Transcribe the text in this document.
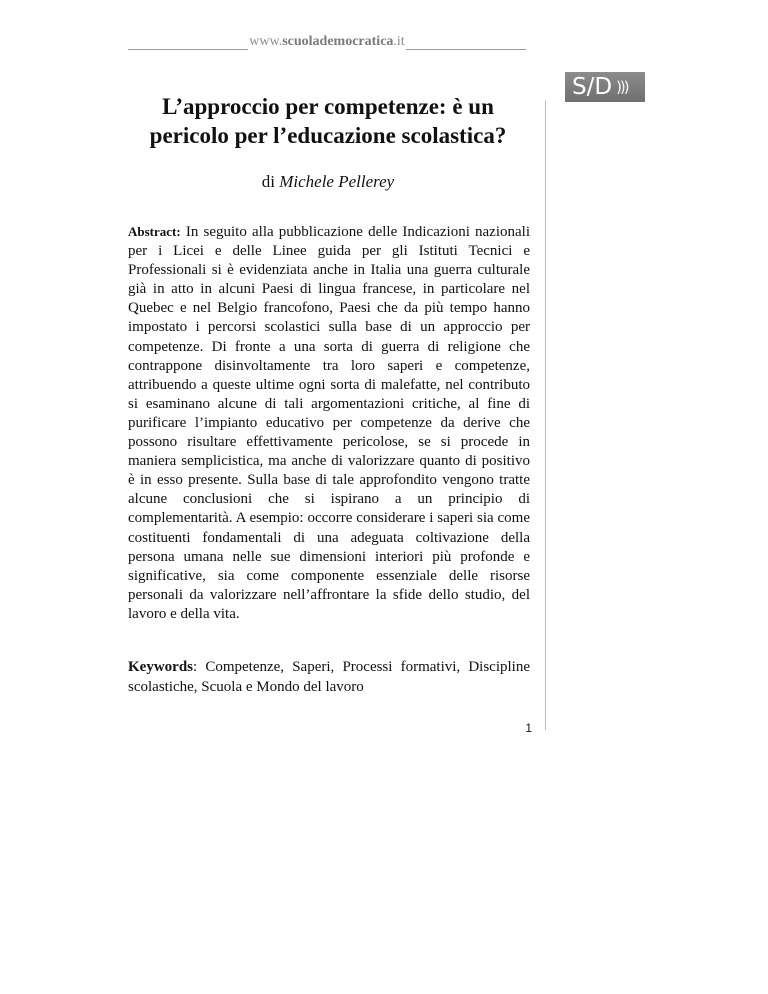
www.scuolademocratica.it
S/D )))
L’approccio per competenze: è un pericolo per l’educazione scolastica?
di Michele Pellerey

Abstract: In seguito alla pubblicazione delle Indicazioni nazionali per i Licei e delle Linee guida per gli Istituti Tecnici e Professionali si è evidenziata anche in Italia una guerra culturale già in atto in alcuni Paesi di lingua francese, in particolare nel Quebec e nel Belgio francofono, Paesi che da più tempo hanno impostato i percorsi scolastici sulla base di un approccio per competenze. Di fronte a una sorta di guerra di religione che contrappone disinvoltamente tra loro saperi e competenze, attribuendo a queste ultime ogni sorta di malefatte, nel contributo si esaminano alcune di tali argomentazioni critiche, al fine di purificare l’impianto educativo per competenze da derive che possono risultare effettivamente pericolose, se si procede in maniera semplicistica, ma anche di valorizzare quanto di positivo è in esso presente. Sulla base di tale approfondito vengono tratte alcune conclusioni che si ispirano a un principio di complementarità. A esempio: occorre considerare i saperi sia come costituenti fondamentali di una adeguata coltivazione della persona umana nelle sue dimensioni interiori più profonde e significative, sia come componente essenziale delle risorse personali da valorizzare nell’affrontare la sfide dello studio, del lavoro e della vita.

Keywords: Competenze, Saperi, Processi formativi, Discipline scolastiche, Scuola e Mondo del lavoro

1
